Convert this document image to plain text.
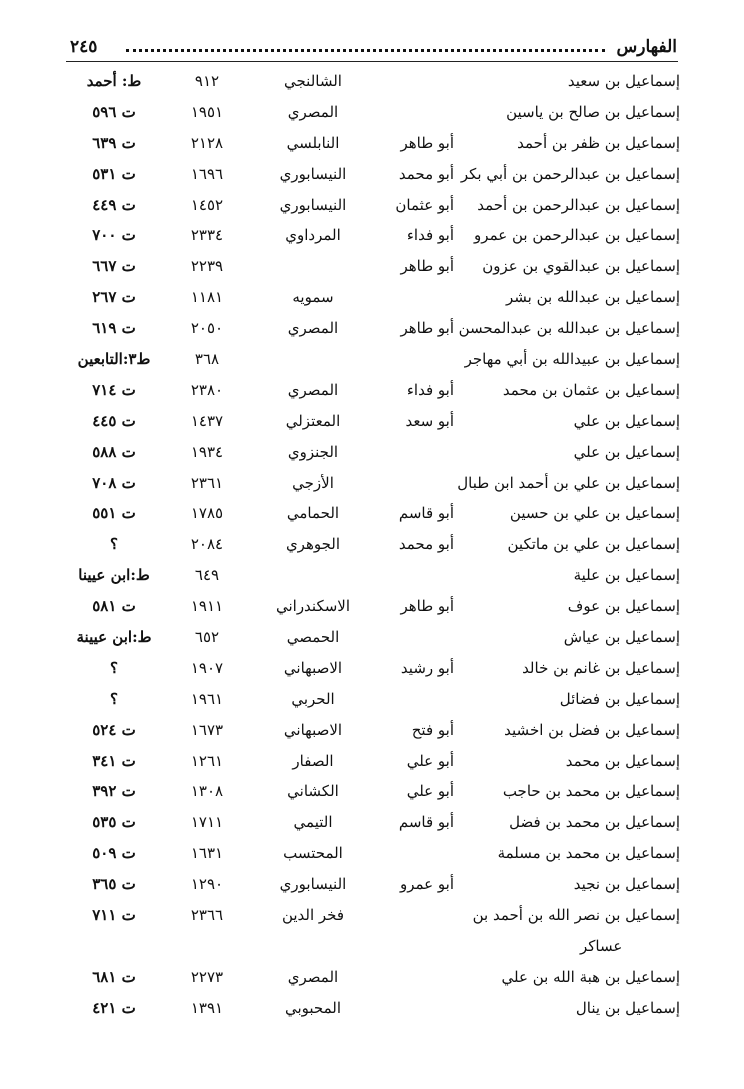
الفهارس
٢٤٥
إسماعيل بن سعيد
الشالنجي
٩١٢
ط: أحمد
إسماعيل بن صالح بن ياسين
المصري
١٩٥١
ت ٥٩٦
إسماعيل بن ظفر بن أحمد
أبو طاهر
النابلسي
٢١٢٨
ت ٦٣٩
إسماعيل بن عبدالرحمن بن أبي بكر
أبو محمد
النيسابوري
١٦٩٦
ت ٥٣١
إسماعيل بن عبدالرحمن بن أحمد
أبو عثمان
النيسابوري
١٤٥٢
ت ٤٤٩
إسماعيل بن عبدالرحمن بن عمرو
أبو فداء
المرداوي
٢٣٣٤
ت ٧٠٠
إسماعيل بن عبدالقوي بن عزون
أبو طاهر
٢٢٣٩
ت ٦٦٧
إسماعيل بن عبدالله بن بشر
سمويه
١١٨١
ت ٢٦٧
إسماعيل بن عبدالله بن عبدالمحسن
أبو طاهر
المصري
٢٠٥٠
ت ٦١٩
إسماعيل بن عبيدالله بن أبي مهاجر
٣٦٨
ط٣:التابعين
إسماعيل بن عثمان بن محمد
أبو فداء
المصري
٢٣٨٠
ت ٧١٤
إسماعيل بن علي
أبو سعد
المعتزلي
١٤٣٧
ت ٤٤٥
إسماعيل بن علي
الجنزوي
١٩٣٤
ت ٥٨٨
إسماعيل بن علي بن أحمد ابن طبال
الأزجي
٢٣٦١
ت ٧٠٨
إسماعيل بن علي بن حسين
أبو قاسم
الحمامي
١٧٨٥
ت ٥٥١
إسماعيل بن علي بن ماتكين
أبو محمد
الجوهري
٢٠٨٤
؟
إسماعيل بن علية
٦٤٩
ط:ابن عيينا
إسماعيل بن عوف
أبو طاهر
الاسكندراني
١٩١١
ت ٥٨١
إسماعيل بن عياش
الحمصي
٦٥٢
ط:ابن عيينة
إسماعيل بن غانم بن خالد
أبو رشيد
الاصبهاني
١٩٠٧
؟
إسماعيل بن فضائل
الحربي
١٩٦١
؟
إسماعيل بن فضل بن اخشيد
أبو فتح
الاصبهاني
١٦٧٣
ت ٥٢٤
إسماعيل بن محمد
أبو علي
الصفار
١٢٦١
ت ٣٤١
إسماعيل بن محمد بن حاجب
أبو علي
الكشاني
١٣٠٨
ت ٣٩٢
إسماعيل بن محمد بن فضل
أبو قاسم
التيمي
١٧١١
ت ٥٣٥
إسماعيل بن محمد بن مسلمة
المحتسب
١٦٣١
ت ٥٠٩
إسماعيل بن نجيد
أبو عمرو
النيسابوري
١٢٩٠
ت ٣٦٥
إسماعيل بن نصر الله بن أحمد بن
فخر الدين
٢٣٦٦
ت ٧١١
عساكر
إسماعيل بن هبة الله بن علي
المصري
٢٢٧٣
ت ٦٨١
إسماعيل بن ينال
المحبوبي
١٣٩١
ت ٤٢١
